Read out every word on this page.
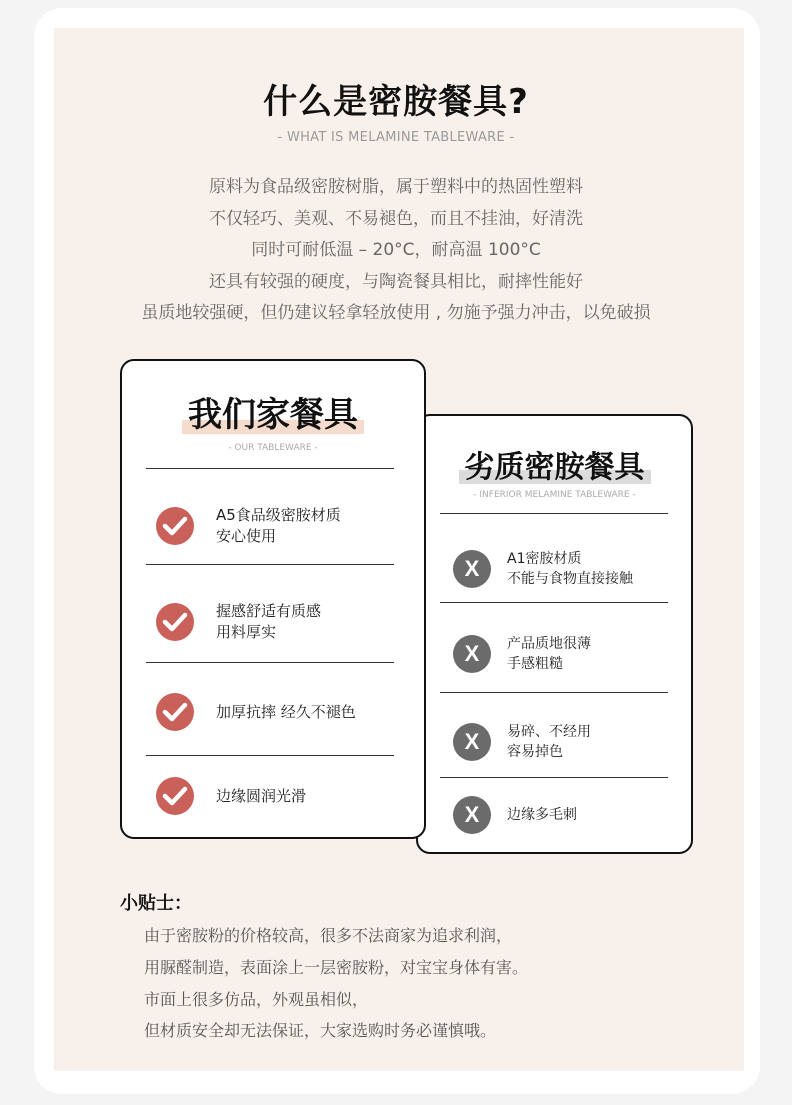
什么是密胺餐具?
- WHAT IS MELAMINE TABLEWARE -
原料为食品级密胺树脂，属于塑料中的热固性塑料
不仅轻巧、美观、不易褪色，而且不挂油，好清洗
同时可耐低温 – 20°C，耐高温 100°C
还具有较强的硬度，与陶瓷餐具相比，耐摔性能好
虽质地较强硬，但仍建议轻拿轻放使用 , 勿施予强力冲击，以免破损
我们家餐具
- OUR TABLEWARE -
A5食品级密胺材质
安心使用
握感舒适有质感
用料厚实
加厚抗摔 经久不褪色
边缘圆润光滑
劣质密胺餐具
- INFERIOR MELAMINE TABLEWARE -
X	A1密胺材质
不能与食物直接接触
X	产品质地很薄
手感粗糙
X	易碎、不经用
容易掉色
X	边缘多毛刺
小贴士：
由于密胺粉的价格较高，很多不法商家为追求利润，
用脲醛制造，表面涂上一层密胺粉，对宝宝身体有害。
市面上很多仿品，外观虽相似，
但材质安全却无法保证，大家选购时务必谨慎哦。
